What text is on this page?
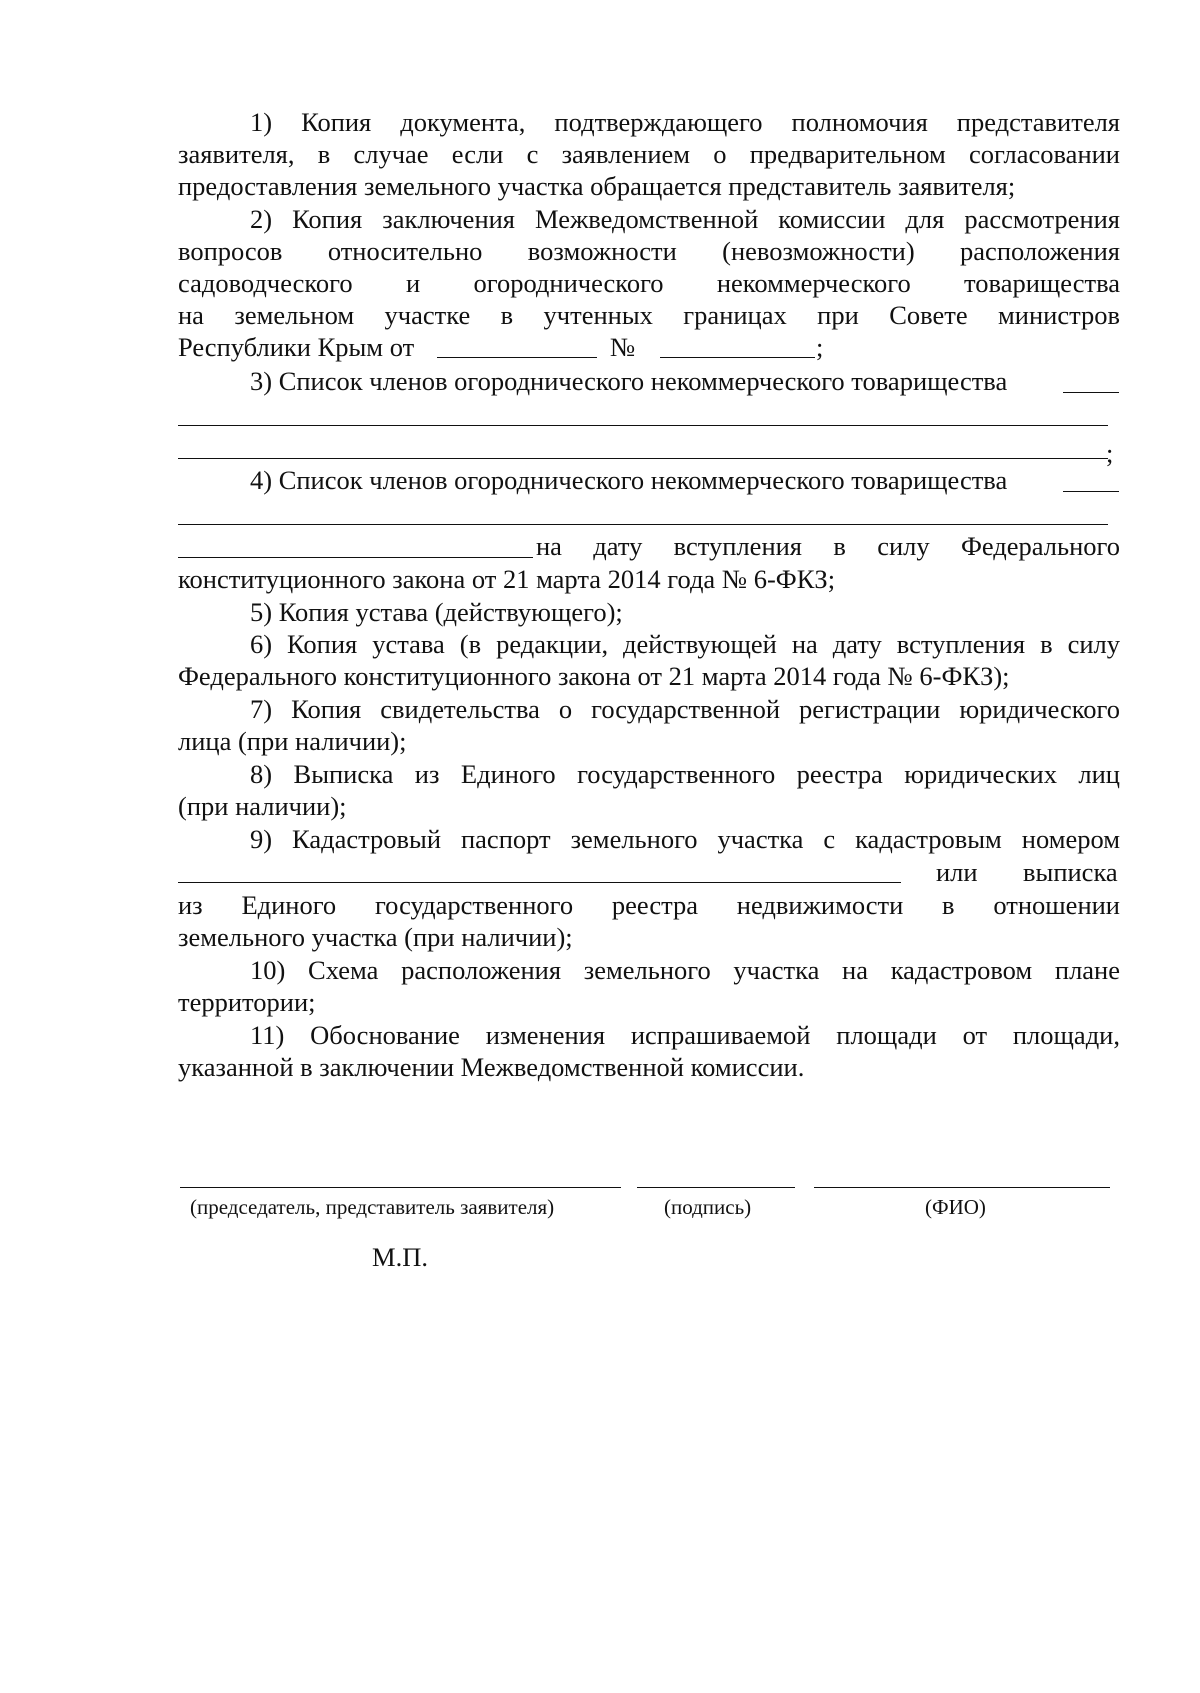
1) Копия документа, подтверждающего полномочия представителя
заявителя, в случае если с заявлением о предварительном согласовании
предоставления земельного участка обращается представитель заявителя;
2) Копия заключения Межведомственной комиссии для рассмотрения
вопросов относительно возможности (невозможности) расположения
садоводческого и огороднического некоммерческого товарищества
на земельном участке в учтенных границах при Совете министров
Республики Крым от	№	;
3) Список членов огороднического некоммерческого товарищества
;
4) Список членов огороднического некоммерческого товарищества
на дату вступления в силу Федерального
конституционного закона от 21 марта 2014 года № 6-ФКЗ;
5) Копия устава (действующего);
6) Копия устава (в редакции, действующей на дату вступления в силу
Федерального конституционного закона от 21 марта 2014 года № 6-ФКЗ);
7) Копия свидетельства о государственной регистрации юридического
лица (при наличии);
8) Выписка из Единого государственного реестра юридических лиц
(при наличии);
9) Кадастровый паспорт земельного участка с кадастровым номером
или выписка
из Единого государственного реестра недвижимости в отношении
земельного участка (при наличии);
10) Схема расположения земельного участка на кадастровом плане
территории;
11) Обоснование изменения испрашиваемой площади от площади,
указанной в заключении Межведомственной комиссии.
(председатель, представитель заявителя)	(подпись)	(ФИО)
М.П.
